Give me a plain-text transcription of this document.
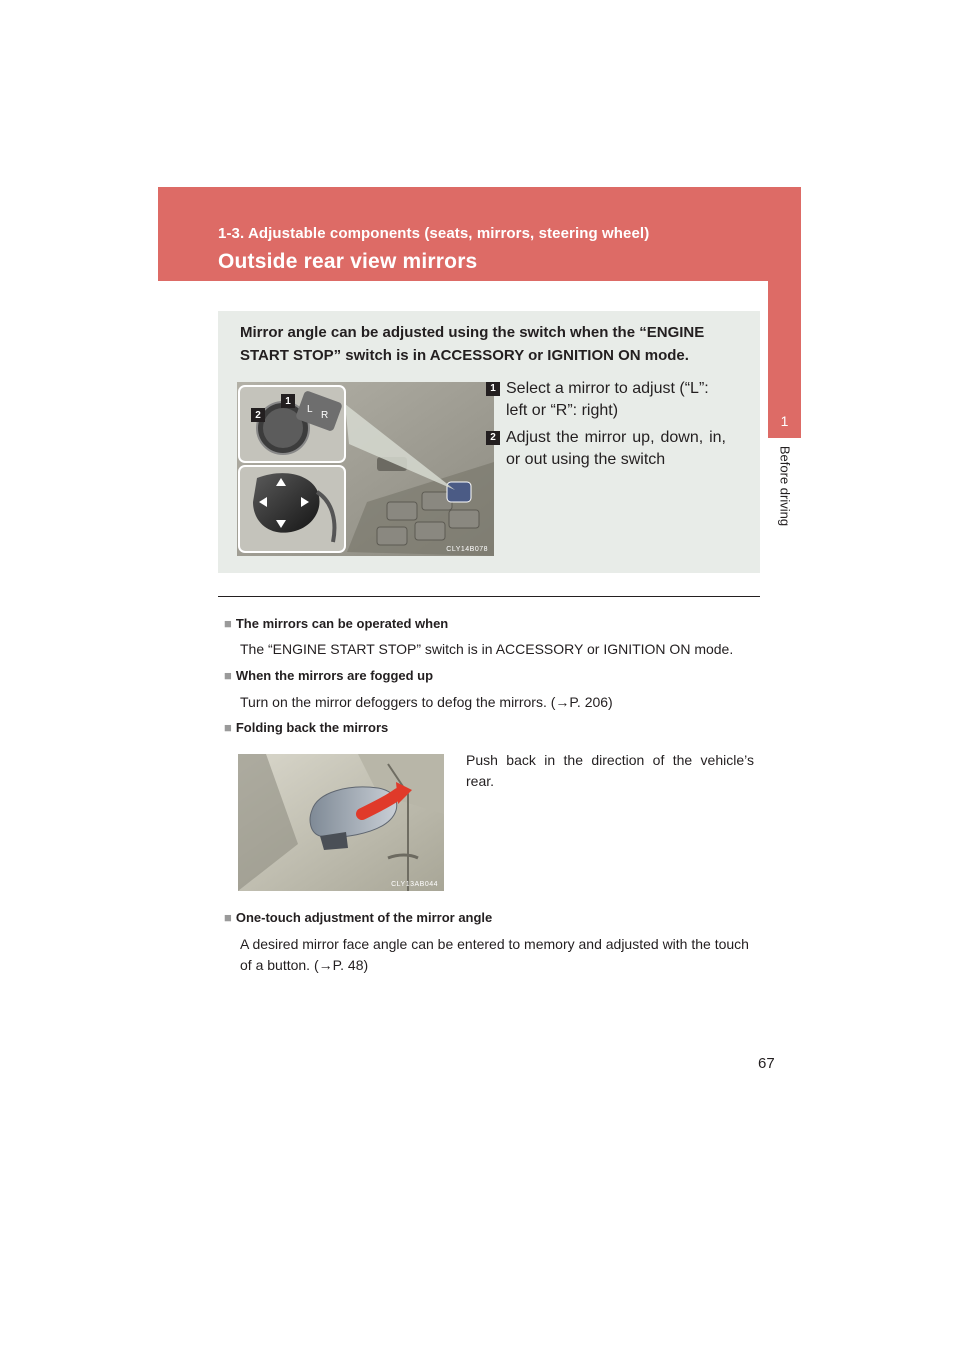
1-3. Adjustable components (seats, mirrors, steering wheel)
Outside rear view mirrors
1
Before driving
Mirror angle can be adjusted using the switch when the “ENGINE START STOP” switch is in ACCESSORY or IGNITION ON mode.
L
R
1
2
CLY14B078
1 Select a mirror to adjust (“L”: left or “R”: right)
2 Adjust the mirror up, down, in, or out using the switch
■ The mirrors can be operated when
The “ENGINE START STOP” switch is in ACCESSORY or IGNITION ON mode.
■ When the mirrors are fogged up
Turn on the mirror defoggers to defog the mirrors. (→P. 206)
■ Folding back the mirrors
CLY13AB044
Push back in the direction of the vehicle’s rear.
■ One-touch adjustment of the mirror angle
A desired mirror face angle can be entered to memory and adjusted with the touch of a button. (→P. 48)
67
